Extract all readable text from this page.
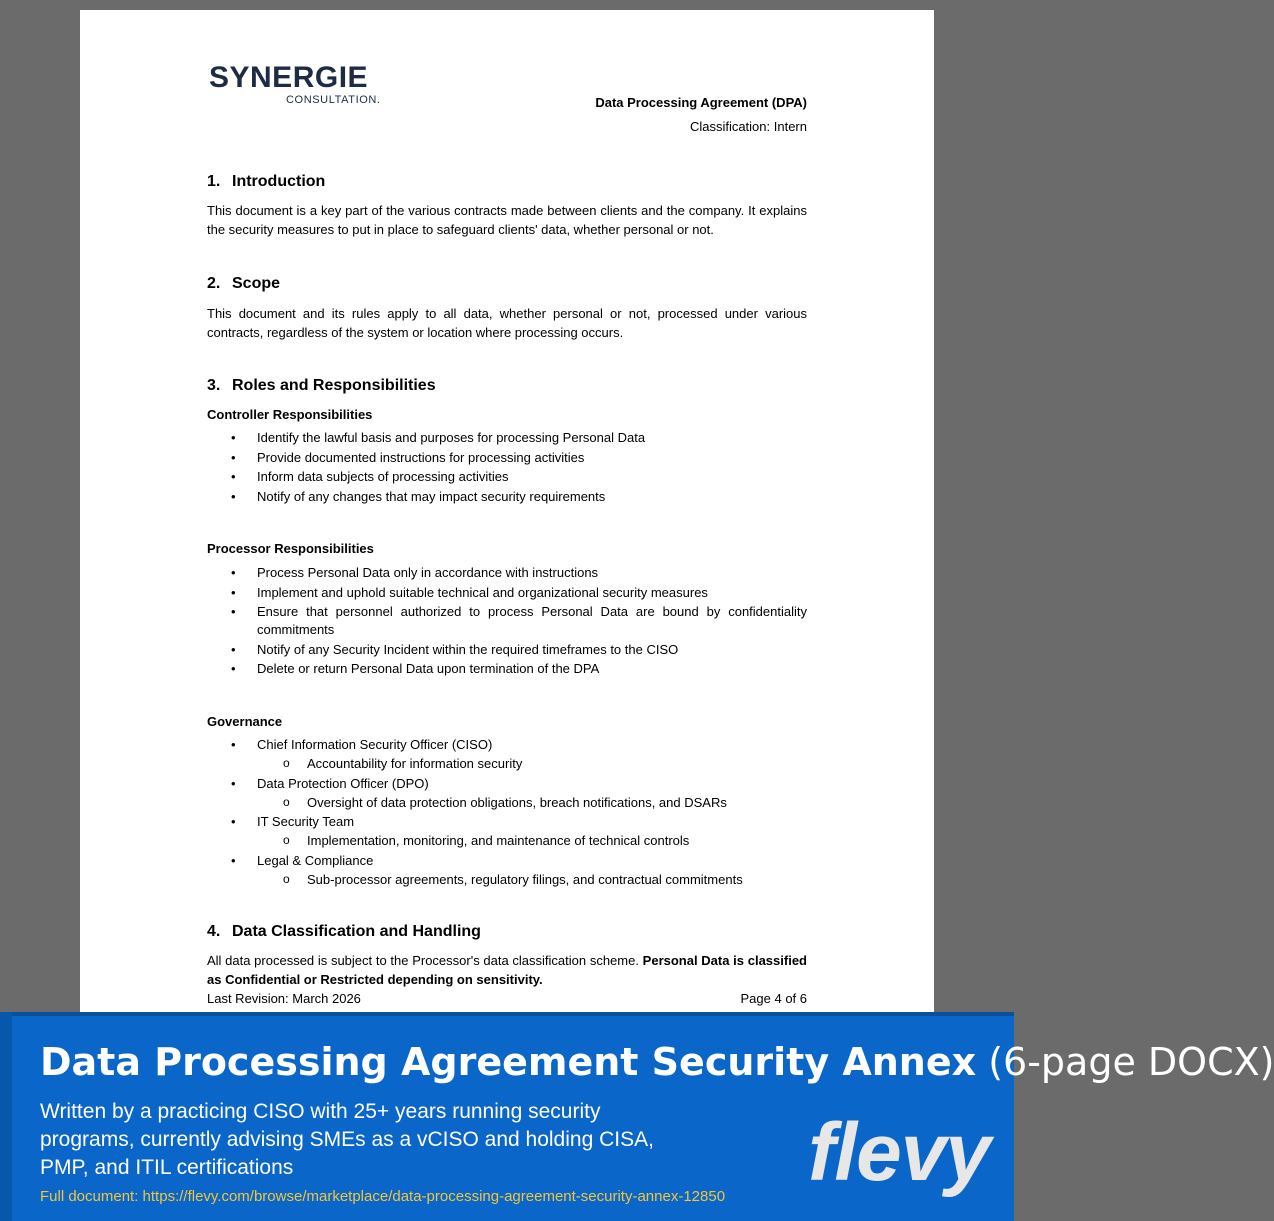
SYNERGIE
CONSULTATION.	Data Processing Agreement (DPA)
Classification: Intern
1. Introduction

This document is a key part of the various contracts made between clients and the company. It explains the security measures to put in place to safeguard clients' data, whether personal or not.

2. Scope

This document and its rules apply to all data, whether personal or not, processed under various contracts, regardless of the system or location where processing occurs.

3. Roles and Responsibilities
Controller Responsibilities
• Identify the lawful basis and purposes for processing Personal Data
• Provide documented instructions for processing activities
• Inform data subjects of processing activities
• Notify of any changes that may impact security requirements
Processor Responsibilities
• Process Personal Data only in accordance with instructions
• Implement and uphold suitable technical and organizational security measures
• Ensure that personnel authorized to process Personal Data are bound by confidentiality commitments
• Notify of any Security Incident within the required timeframes to the CISO
• Delete or return Personal Data upon termination of the DPA
Governance
• Chief Information Security Officer (CISO)
o Accountability for information security
• Data Protection Officer (DPO)
o Oversight of data protection obligations, breach notifications, and DSARs
• IT Security Team
o Implementation, monitoring, and maintenance of technical controls
• Legal & Compliance
o Sub-processor agreements, regulatory filings, and contractual commitments
4. Data Classification and Handling

All data processed is subject to the Processor's data classification scheme. Personal Data is classified as Confidential or Restricted depending on sensitivity.

Last Revision: March 2026	Page 4 of 6
Data Processing Agreement Security Annex (6-page DOCX)
Written by a practicing CISO with 25+ years running security programs, currently advising SMEs as a vCISO and holding CISA, PMP, and ITIL certifications
Full document: https://flevy.com/browse/marketplace/data-processing-agreement-security-annex-12850 flevy
